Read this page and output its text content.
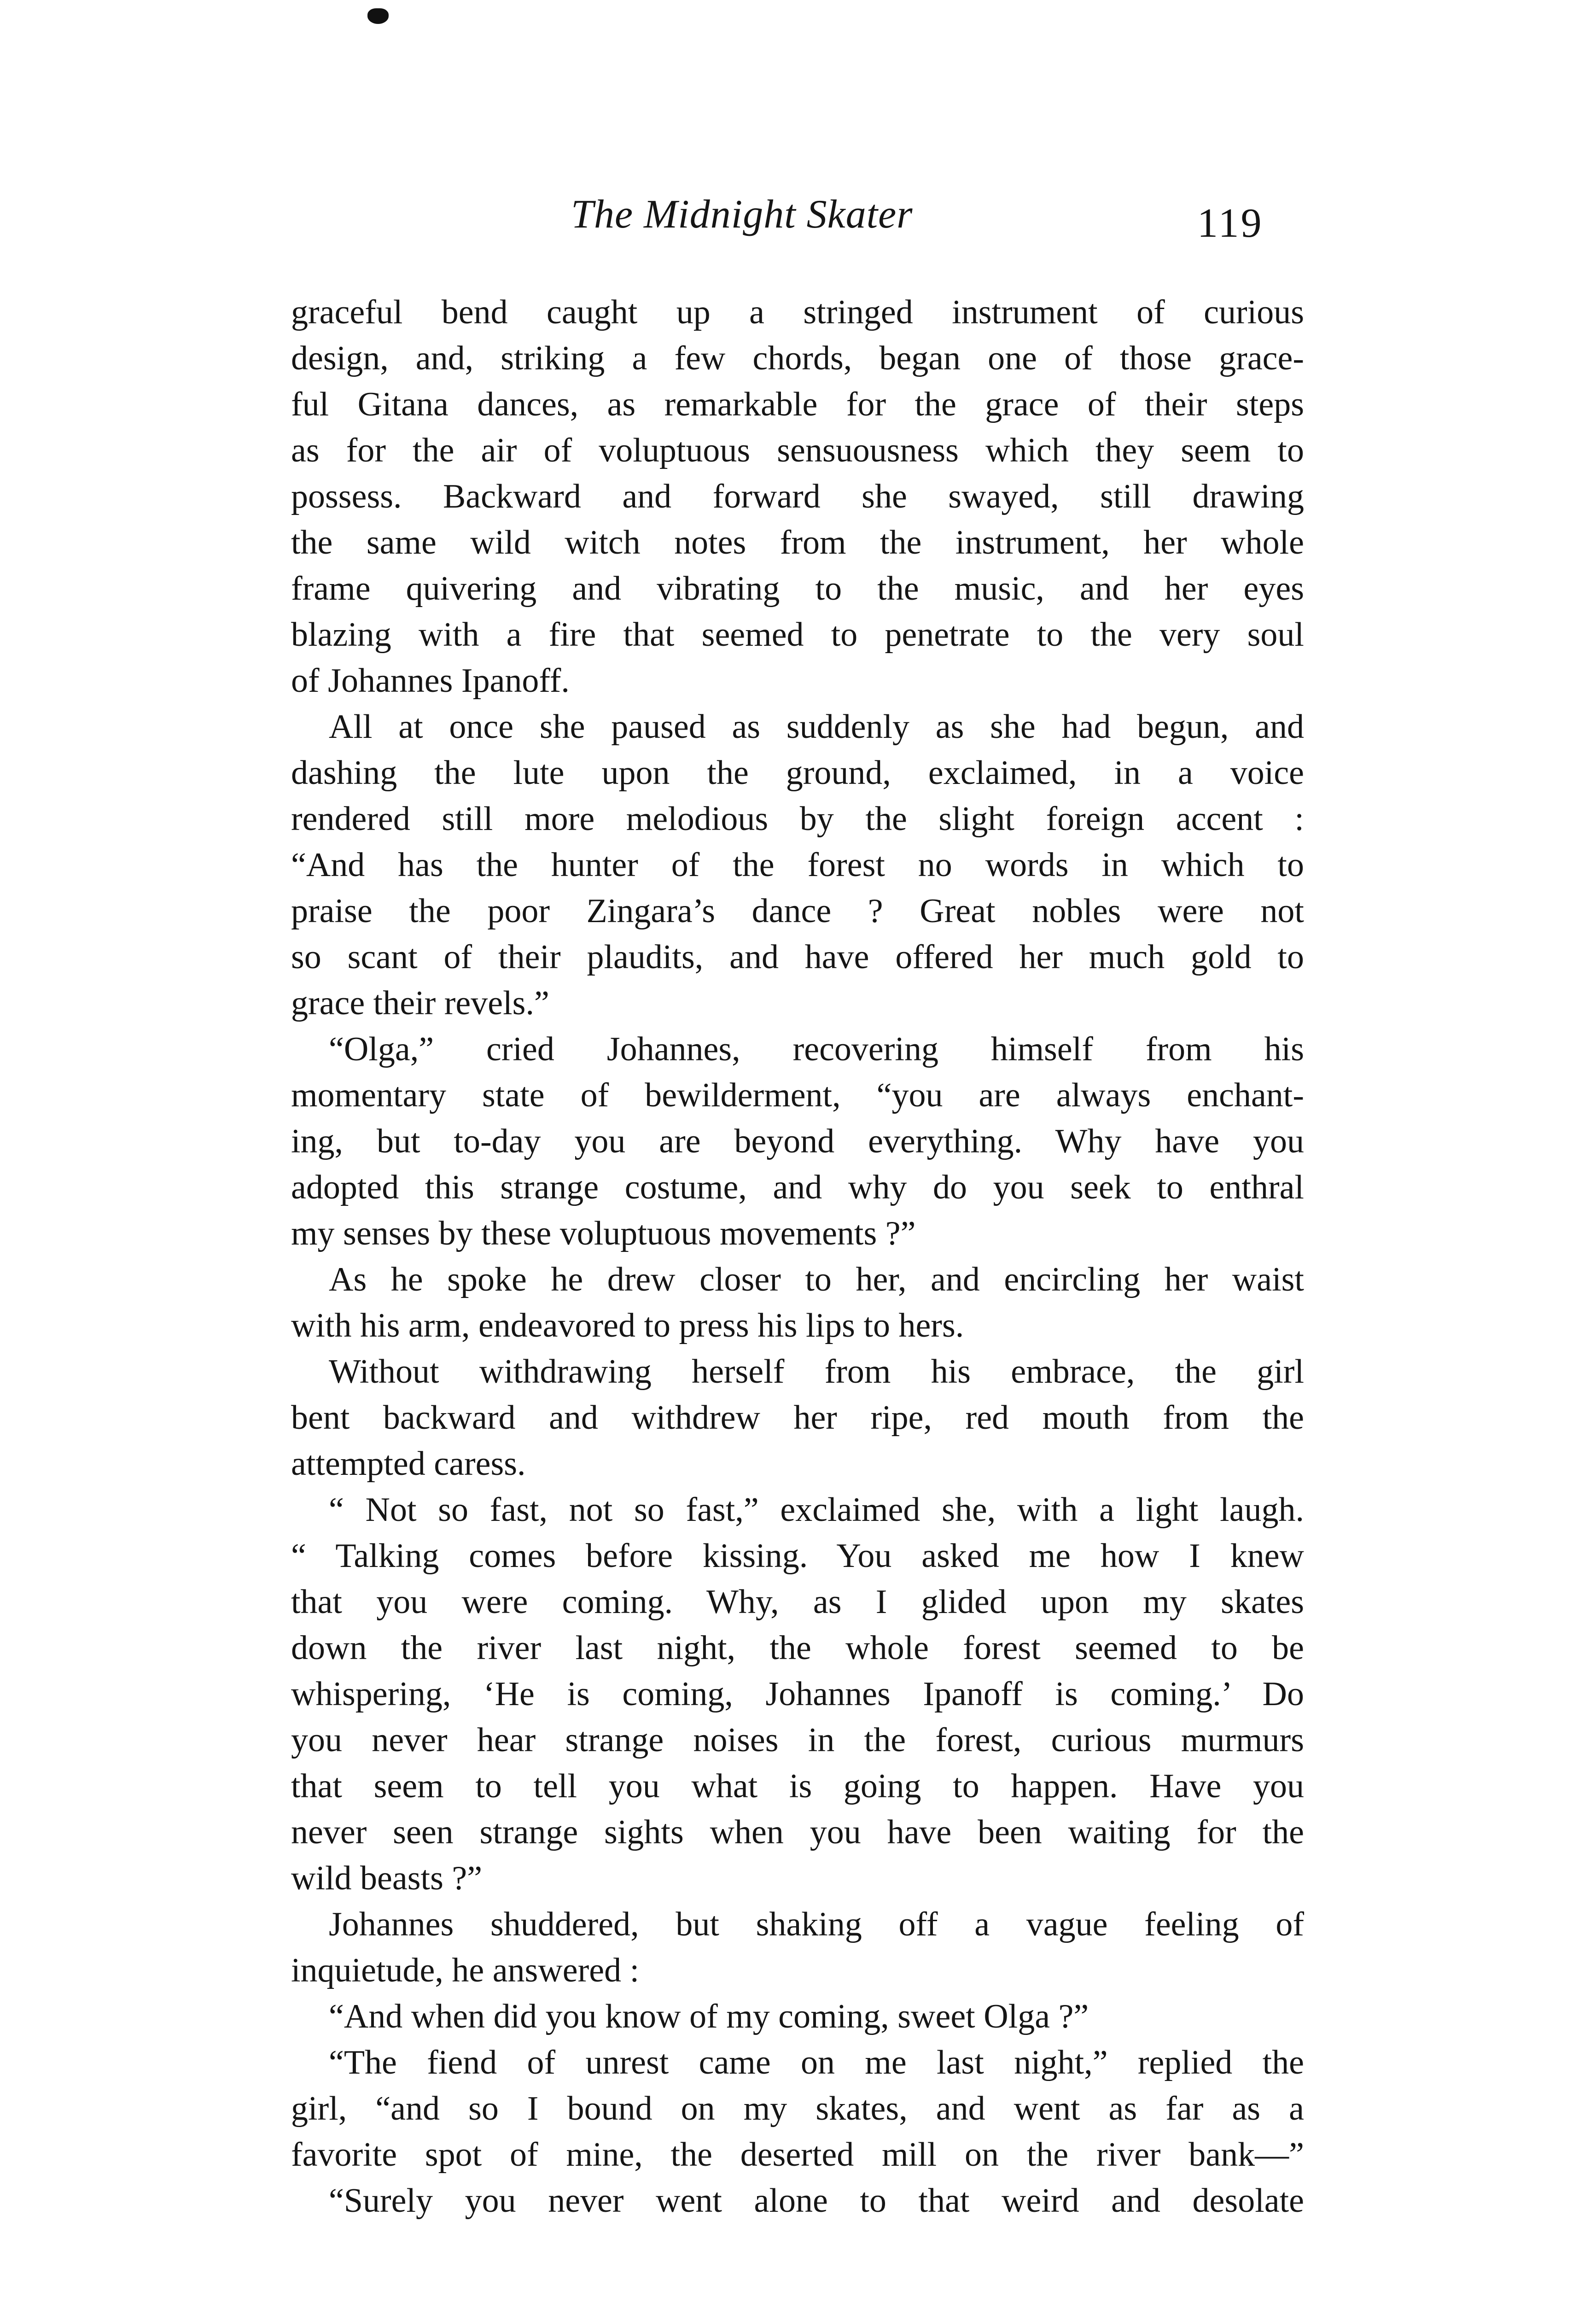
The Midnight Skater	119
graceful bend caught up a stringed instrument of curious
design, and, striking a few chords, began one of those grace-
ful Gitana dances, as remarkable for the grace of their steps
as for the air of voluptuous sensuousness which they seem to
possess. Backward and forward she swayed, still drawing
the same wild witch notes from the instrument, her whole
frame quivering and vibrating to the music, and her eyes
blazing with a fire that seemed to penetrate to the very soul
of Johannes Ipanoff.
All at once she paused as suddenly as she had begun, and
dashing the lute upon the ground, exclaimed, in a voice
rendered still more melodious by the slight foreign accent :
“And has the hunter of the forest no words in which to
praise the poor Zingara’s dance ? Great nobles were not
so scant of their plaudits, and have offered her much gold to
grace their revels.”
“Olga,” cried Johannes, recovering himself from his
momentary state of bewilderment, “you are always enchant-
ing, but to-day you are beyond everything. Why have you
adopted this strange costume, and why do you seek to enthral
my senses by these voluptuous movements ?”
As he spoke he drew closer to her, and encircling her waist
with his arm, endeavored to press his lips to hers.
Without withdrawing herself from his embrace, the girl
bent backward and withdrew her ripe, red mouth from the
attempted caress.
“ Not so fast, not so fast,” exclaimed she, with a light laugh.
“ Talking comes before kissing. You asked me how I knew
that you were coming. Why, as I glided upon my skates
down the river last night, the whole forest seemed to be
whispering, ‘He is coming, Johannes Ipanoff is coming.’ Do
you never hear strange noises in the forest, curious murmurs
that seem to tell you what is going to happen. Have you
never seen strange sights when you have been waiting for the
wild beasts ?”
Johannes shuddered, but shaking off a vague feeling of
inquietude, he answered :
“And when did you know of my coming, sweet Olga ?”
“The fiend of unrest came on me last night,” replied the
girl, “and so I bound on my skates, and went as far as a
favorite spot of mine, the deserted mill on the river bank—”
“Surely you never went alone to that weird and desolate
